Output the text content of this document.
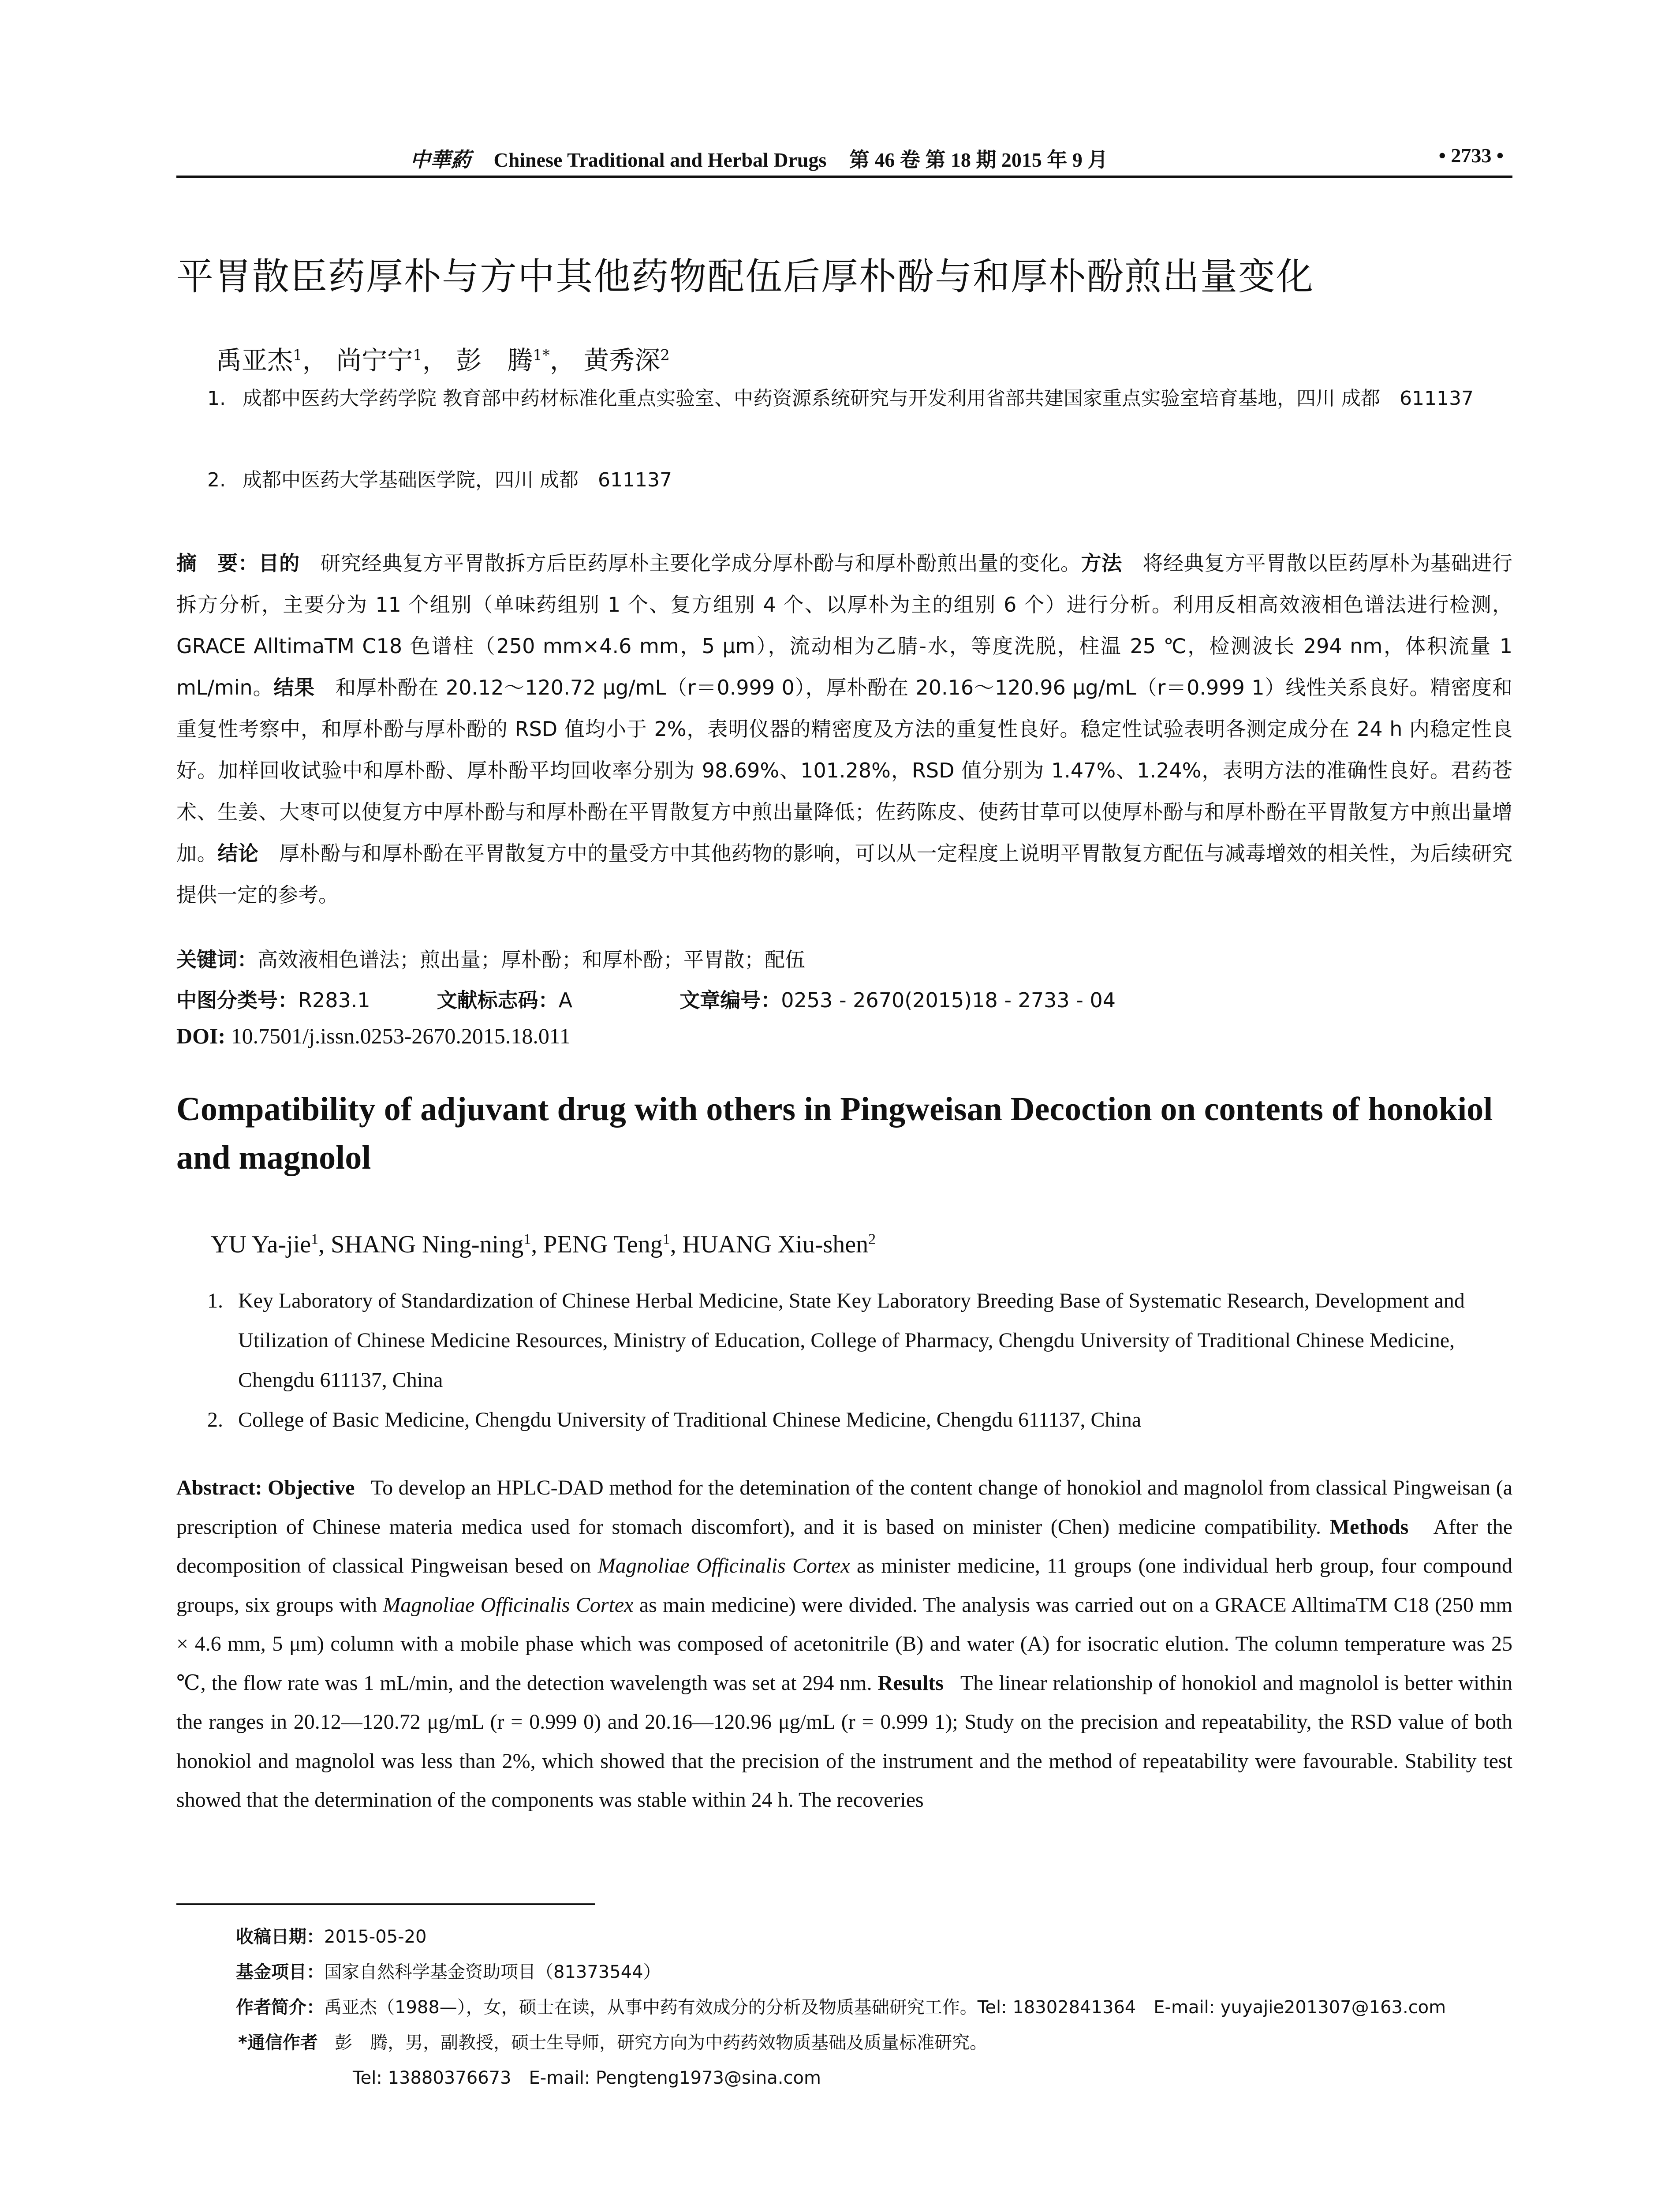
中華葯 Chinese Traditional and Herbal Drugs 第 46 卷 第 18 期 2015 年 9 月	• 2733 •
平胃散臣药厚朴与方中其他药物配伍后厚朴酚与和厚朴酚煎出量变化
禹亚杰$^1$， 尚宁宁$^1$， 彭　腾$^{1*}$， 黄秀深$^2$
1. 成都中医药大学药学院 教育部中药材标准化重点实验室、中药资源系统研究与开发利用省部共建国家重点实验室培育基地，四川 成都　611137
2. 成都中医药大学基础医学院，四川 成都　611137
摘　要：目的　 研究经典复方平胃散拆方后臣药厚朴主要化学成分厚朴酚与和厚朴酚煎出量的变化。方法　 将经典复方平胃散以臣药厚朴为基础进行拆方分析，主要分为 11 个组别（单味药组别 1 个、复方组别 4 个、以厚朴为主的组别 6 个）进行分析。利用反相高效液相色谱法进行检测，GRACE AlltimaTM C18 色谱柱（250 mm×4.6 mm，5 μm），流动相为乙腈-水，等度洗脱，柱温 25 ℃，检测波长 294 nm，体积流量 1 mL/min。结果　 和厚朴酚在 20.12～120.72 μg/mL（r＝0.999 0），厚朴酚在 20.16～120.96 μg/mL（r＝0.999 1）线性关系良好。精密度和重复性考察中，和厚朴酚与厚朴酚的 RSD 值均小于 2%，表明仪器的精密度及方法的重复性良好。稳定性试验表明各测定成分在 24 h 内稳定性良好。加样回收试验中和厚朴酚、厚朴酚平均回收率分别为 98.69%、101.28%，RSD 值分别为 1.47%、1.24%，表明方法的准确性良好。君药苍术、生姜、大枣可以使复方中厚朴酚与和厚朴酚在平胃散复方中煎出量降低；佐药陈皮、使药甘草可以使厚朴酚与和厚朴酚在平胃散复方中煎出量增加。结论　 厚朴酚与和厚朴酚在平胃散复方中的量受方中其他药物的影响，可以从一定程度上说明平胃散复方配伍与减毒增效的相关性，为后续研究提供一定的参考。
关键词：高效液相色谱法；煎出量；厚朴酚；和厚朴酚；平胃散；配伍
中图分类号：R283.1	文献标志码：A	文章编号：0253 - 2670(2015)18 - 2733 - 04
DOI: 10.7501/j.issn.0253-2670.2015.18.011
Compatibility of adjuvant drug with others in Pingweisan Decoction on contents of honokiol and magnolol
YU Ya-jie$^1$, SHANG Ning-ning$^1$, PENG Teng$^1$, HUANG Xiu-shen$^2$
1. Key Laboratory of Standardization of Chinese Herbal Medicine, State Key Laboratory Breeding Base of Systematic Research, Development and Utilization of Chinese Medicine Resources, Ministry of Education, College of Pharmacy, Chengdu University of Traditional Chinese Medicine, Chengdu 611137, China
2. College of Basic Medicine, Chengdu University of Traditional Chinese Medicine, Chengdu 611137, China
Abstract: Objective To develop an HPLC-DAD method for the detemination of the content change of honokiol and magnolol from classical Pingweisan (a prescription of Chinese materia medica used for stomach discomfort), and it is based on minister (Chen) medicine compatibility. Methods After the decomposition of classical Pingweisan besed on Magnoliae Officinalis Cortex as minister medicine, 11 groups (one individual herb group, four compound groups, six groups with Magnoliae Officinalis Cortex as main medicine) were divided. The analysis was carried out on a GRACE AlltimaTM C18 (250 mm × 4.6 mm, 5 μm) column with a mobile phase which was composed of acetonitrile (B) and water (A) for isocratic elution. The column temperature was 25 ℃, the flow rate was 1 mL/min, and the detection wavelength was set at 294 nm. Results The linear relationship of honokiol and magnolol is better within the ranges in 20.12—120.72 μg/mL (r = 0.999 0) and 20.16—120.96 μg/mL (r = 0.999 1); Study on the precision and repeatability, the RSD value of both honokiol and magnolol was less than 2%, which showed that the precision of the instrument and the method of repeatability were favourable. Stability test showed that the determination of the components was stable within 24 h. The recoveries
收稿日期：2015-05-20
基金项目：国家自然科学基金资助项目（81373544）
作者简介：禹亚杰（1988—），女，硕士在读，从事中药有效成分的分析及物质基础研究工作。Tel: 18302841364　E-mail: yuyajie201307@163.com
*通信作者 彭　腾，男，副教授，硕士生导师，研究方向为中药药效物质基础及质量标准研究。
Tel: 13880376673　E-mail: Pengteng1973@sina.com
